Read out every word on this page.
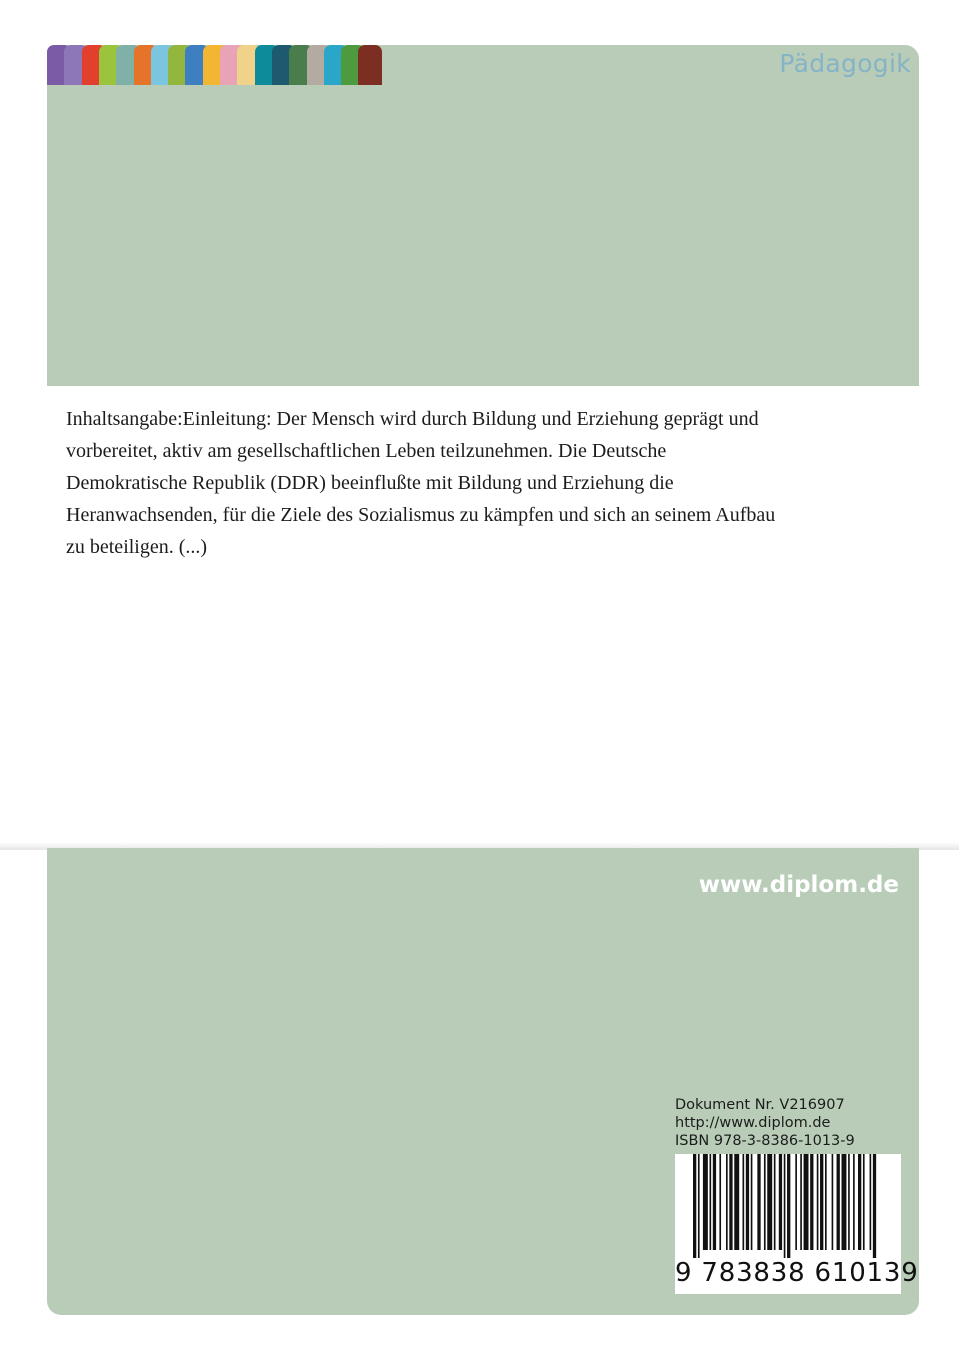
Pädagogik

Inhaltsangabe:Einleitung: Der Mensch wird durch Bildung und Erziehung geprägt und vorbereitet, aktiv am gesellschaftlichen Leben teilzunehmen. Die Deutsche Demokratische Republik (DDR) beeinflußte mit Bildung und Erziehung die Heranwachsenden, für die Ziele des Sozialismus zu kämpfen und sich an seinem Aufbau zu beteiligen. (...)

www.diplom.de
Dokument Nr. V216907
http://www.diplom.de
ISBN 978-3-8386-1013-9
9 783838 610139
